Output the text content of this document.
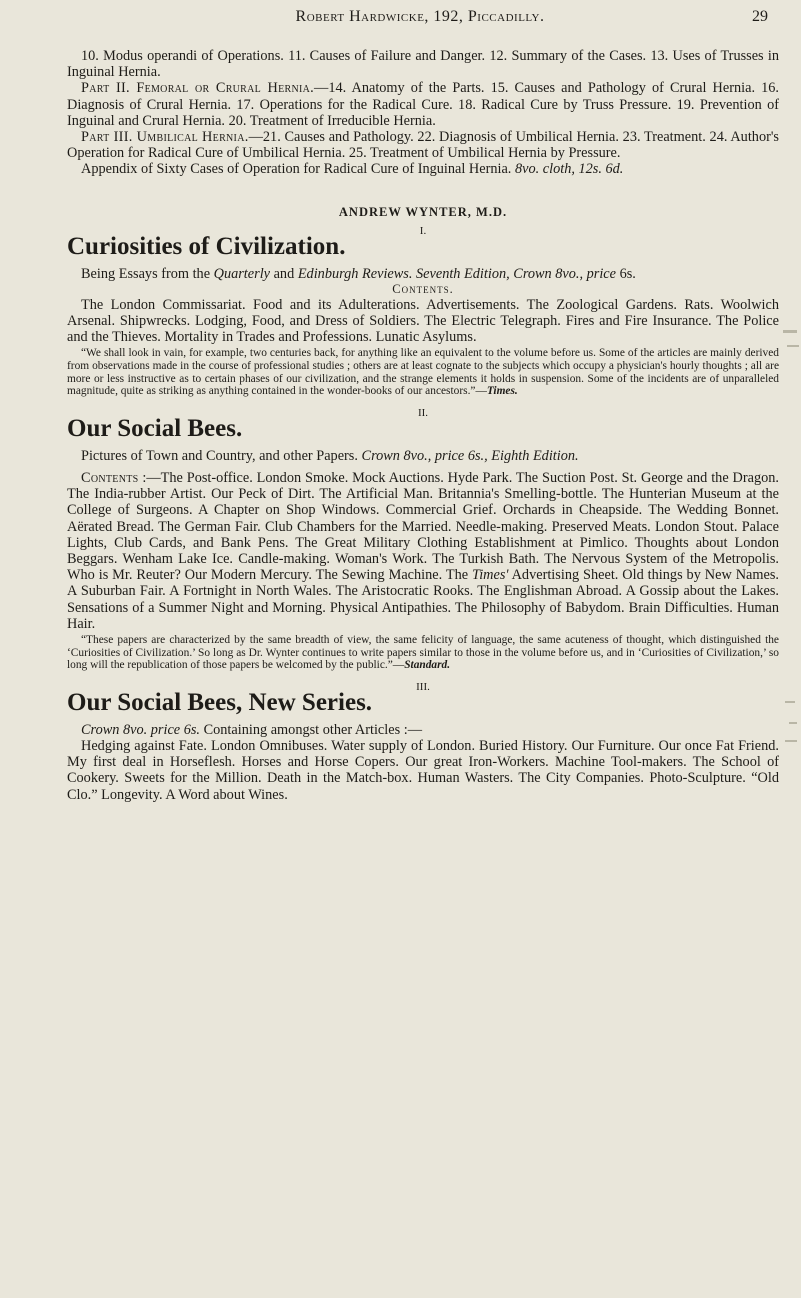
Robert Hardwicke, 192, Piccadilly.	29

10. Modus operandi of Operations. 11. Causes of Failure and Danger. 12. Summary of the Cases. 13. Uses of Trusses in Inguinal Hernia.

Part II. Femoral or Crural Hernia.—14. Anatomy of the Parts. 15. Causes and Pathology of Crural Hernia. 16. Diagnosis of Crural Hernia. 17. Operations for the Radical Cure. 18. Radical Cure by Truss Pressure. 19. Prevention of Inguinal and Crural Hernia. 20. Treatment of Irreducible Hernia.

Part III. Umbilical Hernia.—21. Causes and Pathology. 22. Diagnosis of Umbilical Hernia. 23. Treatment. 24. Author's Operation for Radical Cure of Umbilical Hernia. 25. Treatment of Umbilical Hernia by Pressure.

Appendix of Sixty Cases of Operation for Radical Cure of Inguinal Hernia. 8vo. cloth, 12s. 6d.

ANDREW WYNTER, M.D.
I.
Curiosities of Civilization.

Being Essays from the Quarterly and Edinburgh Reviews. Seventh Edition, Crown 8vo., price 6s.

Contents.

The London Commissariat. Food and its Adulterations. Advertisements. The Zoological Gardens. Rats. Woolwich Arsenal. Shipwrecks. Lodging, Food, and Dress of Soldiers. The Electric Telegraph. Fires and Fire Insurance. The Police and the Thieves. Mortality in Trades and Professions. Lunatic Asylums.

“We shall look in vain, for example, two centuries back, for anything like an equivalent to the volume before us. Some of the articles are mainly derived from observations made in the course of professional studies ; others are at least cognate to the subjects which occupy a physician's hourly thoughts ; all are more or less instructive as to certain phases of our civilization, and the strange elements it holds in suspension. Some of the incidents are of unparalleled magnitude, quite as striking as anything contained in the wonder-books of our ancestors.”—Times.

II.
Our Social Bees.

Pictures of Town and Country, and other Papers. Crown 8vo., price 6s., Eighth Edition.

Contents :—The Post-office. London Smoke. Mock Auctions. Hyde Park. The Suction Post. St. George and the Dragon. The India-rubber Artist. Our Peck of Dirt. The Artificial Man. Britannia's Smelling-bottle. The Hunterian Museum at the College of Surgeons. A Chapter on Shop Windows. Commercial Grief. Orchards in Cheapside. The Wedding Bonnet. Aërated Bread. The German Fair. Club Chambers for the Married. Needle-making. Preserved Meats. London Stout. Palace Lights, Club Cards, and Bank Pens. The Great Military Clothing Establishment at Pimlico. Thoughts about London Beggars. Wenham Lake Ice. Candle-making. Woman's Work. The Turkish Bath. The Nervous System of the Metropolis. Who is Mr. Reuter? Our Modern Mercury. The Sewing Machine. The Times' Advertising Sheet. Old things by New Names. A Suburban Fair. A Fortnight in North Wales. The Aristocratic Rooks. The Englishman Abroad. A Gossip about the Lakes. Sensations of a Summer Night and Morning. Physical Antipathies. The Philosophy of Babydom. Brain Difficulties. Human Hair.

“These papers are characterized by the same breadth of view, the same felicity of language, the same acuteness of thought, which distinguished the ‘Curiosities of Civilization.’ So long as Dr. Wynter continues to write papers similar to those in the volume before us, and in ‘Curiosities of Civilization,’ so long will the republication of those papers be welcomed by the public.”—Standard.

III.
Our Social Bees, New Series.

Crown 8vo. price 6s. Containing amongst other Articles :—

Hedging against Fate. London Omnibuses. Water supply of London. Buried History. Our Furniture. Our once Fat Friend. My first deal in Horseflesh. Horses and Horse Copers. Our great Iron-Workers. Machine Tool-makers. The School of Cookery. Sweets for the Million. Death in the Match-box. Human Wasters. The City Companies. Photo-Sculpture. “Old Clo.” Longevity. A Word about Wines.
